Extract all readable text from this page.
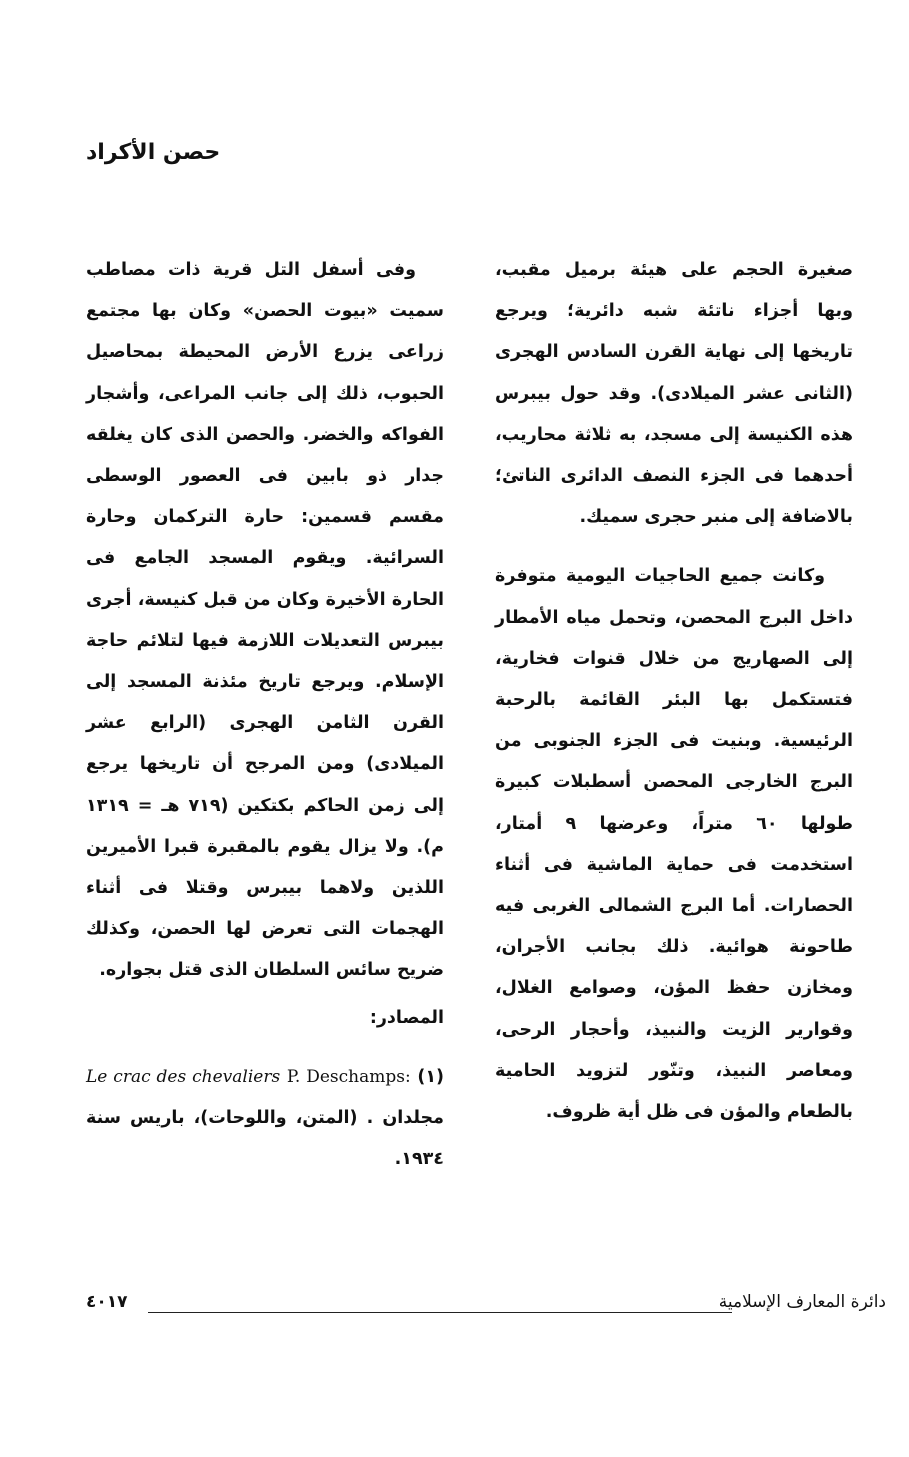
حصن الأكراد

صغيرة الحجم على هيئة برميل مقبب، وبها أجزاء ناتئة شبه دائرية؛ ويرجع تاريخها إلى نهاية القرن السادس الهجرى (الثانى عشر الميلادى). وقد حول بيبرس هذه الكنيسة إلى مسجد، به ثلاثة محاريب، أحدهما فى الجزء النصف الدائرى الناتئ؛ بالاضافة إلى منبر حجرى سميك.

وكانت جميع الحاجيات اليومية متوفرة داخل البرج المحصن، وتحمل مياه الأمطار إلى الصهاريج من خلال قنوات فخارية، فتستكمل بها البئر القائمة بالرحبة الرئيسية. وبنيت فى الجزء الجنوبى من البرج الخارجى المحصن أسطبلات كبيرة طولها ٦٠ متراً، وعرضها ٩ أمتار، استخدمت فى حماية الماشية فى أثناء الحصارات. أما البرج الشمالى الغربى فيه طاحونة هوائية. ذلك بجانب الأجران، ومخازن حفظ المؤن، وصوامع الغلال، وقوارير الزيت والنبيذ، وأحجار الرحى، ومعاصر النبيذ، وتنّور لتزويد الحامية بالطعام والمؤن فى ظل أية ظروف.

وفى أسفل التل قرية ذات مصاطب سميت «بيوت الحصن» وكان بها مجتمع زراعى يزرع الأرض المحيطة بمحاصيل الحبوب، ذلك إلى جانب المراعى، وأشجار الفواكه والخضر. والحصن الذى كان يغلقه جدار ذو بابين فى العصور الوسطى مقسم قسمين: حارة التركمان وحارة السرائية. ويقوم المسجد الجامع فى الحارة الأخيرة وكان من قبل كنيسة، أجرى بيبرس التعديلات اللازمة فيها لتلائم حاجة الإسلام. ويرجع تاريخ مئذنة المسجد إلى القرن الثامن الهجرى (الرابع عشر الميلادى) ومن المرجح أن تاريخها يرجع إلى زمن الحاكم بكتكين (٧١٩ هـ = ١٣١٩ م). ولا يزال يقوم بالمقبرة قبرا الأميرين اللذين ولاهما بيبرس وقتلا فى أثناء الهجمات التى تعرض لها الحصن، وكذلك ضريح سائس السلطان الذى قتل بجواره.

المصادر:

(١) P. Deschamps: Le crac des chevaliers مجلدان . (المتن، واللوحات)، باريس سنة ١٩٣٤.

٤٠١٧	دائرة المعارف الإسلامية
